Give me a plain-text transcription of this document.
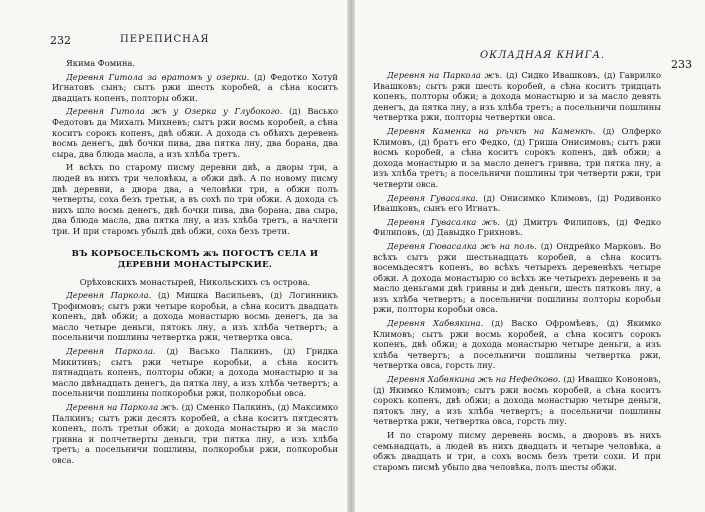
232	ПЕРЕПИСНАЯ

Якима Фомина.

Деревня Гитола за вратомъ у озерки. (д) Федотко Хотуй Игнатовъ сынъ; сытъ ржи шесть коробей, а сѣна коситъ двадцать копенъ, полторы обжи.

Деревня Гитола жъ у Озерка у Глубокого. (д) Васько Федотовъ да Михалъ Михневъ; сытъ ржи восмь коробей, а сѣна коситъ сорокъ копенъ, двѣ обжи. А дохода съ обѣихъ деревень восмь денегъ, двѣ бочки пива, два пятка лну, два борана, два сыра, два блюда масла, а изъ хлѣба третъ.

И всѣхъ по старому писму деревни двѣ, а дворы три, а людей въ нихъ три человѣкы, а обжи двѣ. А по новому писму двѣ деревни, а двора два, а человѣки три, а обжи полъ четверты, соха безъ третьи, а въ сохѣ по три обжи. А дохода съ нихъ шло восмь денегъ, двѣ бочки пива, два борана, два сыра, два блюда масла, два пятка лну, а изъ хлѣба третъ, а начлеги три. И при старомъ убылѣ двѣ обжи, соха безъ трети.

ВЪ КОРБОСЕЛЬСКОМЪ жъ ПОГОСТѢ СЕЛА И ДЕРЕВНИ МОНАСТЫРСКИЕ.

Орѣховскихъ монастырей, Никольскихъ съ острова.

Деревня Паркола. (д) Мишка Васильевъ, (д) Логинникъ Трофимовъ; сытъ ржи четыре коробьи, а сѣна коситъ двадцать копенъ, двѣ обжи; а дохода монастырю восмь денегъ, да за масло четыре деньги, пятокъ лну, а изъ хлѣба четвертъ; а посельничи пошлины четвертка ржи, четвертка овса.

Деревня Паркола. (д) Васько Палкинъ, (д) Гридка Микитинъ; сытъ ржи четыре коробьи, а сѣна коситъ пятнадцать копенъ, полторы обжи; а дохода монастырю и за масло двѣнадцать денегъ, да пятка лну, а изъ хлѣба четвертъ; а посельничи пошлины полкоробьи ржи, полкоробьи овса.

Деревня на Паркола жъ. (д) Сменко Палкинъ, (д) Максимко Палкинъ; сытъ ржи десять коробей, а сѣна коситъ пятдесятъ копенъ, полъ третьи обжи; а дохода монастырю и за масло гривна и полчетверты деньги, три пятка лну, а изъ хлѣба третъ; а посельничи пошлины, полкоробьи ржи, полкоробьи овса.

ОКЛАДНАЯ КНИГА.
233

Деревня на Паркола жъ. (д) Сидко Ивашковъ, (д) Гаврилко Ивашковъ; сытъ ржи шесть коробей, а сѣна коситъ тридцать копенъ, полторы обжи; а дохода монастырю и за масло девять денегъ, да пятка лну, а изъ хлѣба третъ; а посельничи пошлины четвертка ржи, полторы четвертки овса.

Деревня Каменка на рѣчкѣ на Каменкѣ. (д) Олферко Климовъ, (д) братъ его Федко, (д) Гриша Онисимовъ; сытъ ржи восмь коробей, а сѣна коситъ сорокъ копенъ, двѣ обжи; а дохода монастырю и за масло денегъ гривна, три пятка лну, а изъ хлѣба третъ; а посельничи пошлины три четверти ржи, три четверти овса.

Деревня Гувасалка. (д) Онисимко Климовъ, (д) Родивонко Ивашковъ, сынъ его Игнатъ.

Деревня Гувасалка жъ. (д) Дмитръ Филиповъ, (д) Федко Филиповъ, (д) Давыдко Грихновъ.

Деревня Гювасалка жъ на поль. (д) Ондрейко Марковъ. Во всѣхъ сытъ ржи шестьнадцать коробей, а сѣна коситъ восемьдесятъ копенъ, во всѣхъ четырехъ деревенѣхъ четыре обжи. А дохода монастырю со всѣхъ же четырехъ деревень и за масло деньгами двѣ гривны и двѣ деньги, шесть пятковъ лну, а изъ хлѣба четвертъ; а посельничи пошлины полторы коробьи ржи, полторы коробьи овса.

Деревня Хабвякина. (д) Васко Офромѣевъ, (д) Якимко Климовъ; сытъ ржи восмь коробей, а сѣна коситъ сорокъ копенъ, двѣ обжи; а дохода монастырю четыре деньги, а изъ хлѣба четвертъ; а посельничи пошлины четвертка ржи, четвертка овса, горсть лну.

Деревня Хабвякина жъ на Нефедково. (д) Ивашко Кононовъ, (д) Якимко Климовъ; сытъ ржи восмь коробей, а сѣна коситъ сорокъ копенъ, двѣ обжи; а дохода монастырю четыре деньги, пятокъ лну, а изъ хлѣба четвертъ; а посельничи пошлины четвертка ржи, четвертка овса, горсть лну.

И по старому писму деревень восмь, а дворовъ въ нихъ семьнадцать, а людей въ нихъ двадцать и четыре человѣка, а обжъ двадцать и три, а сохъ восмь безъ трети сохи. И при старомъ писмѣ убыло два человѣка, полъ шесты обжи.
